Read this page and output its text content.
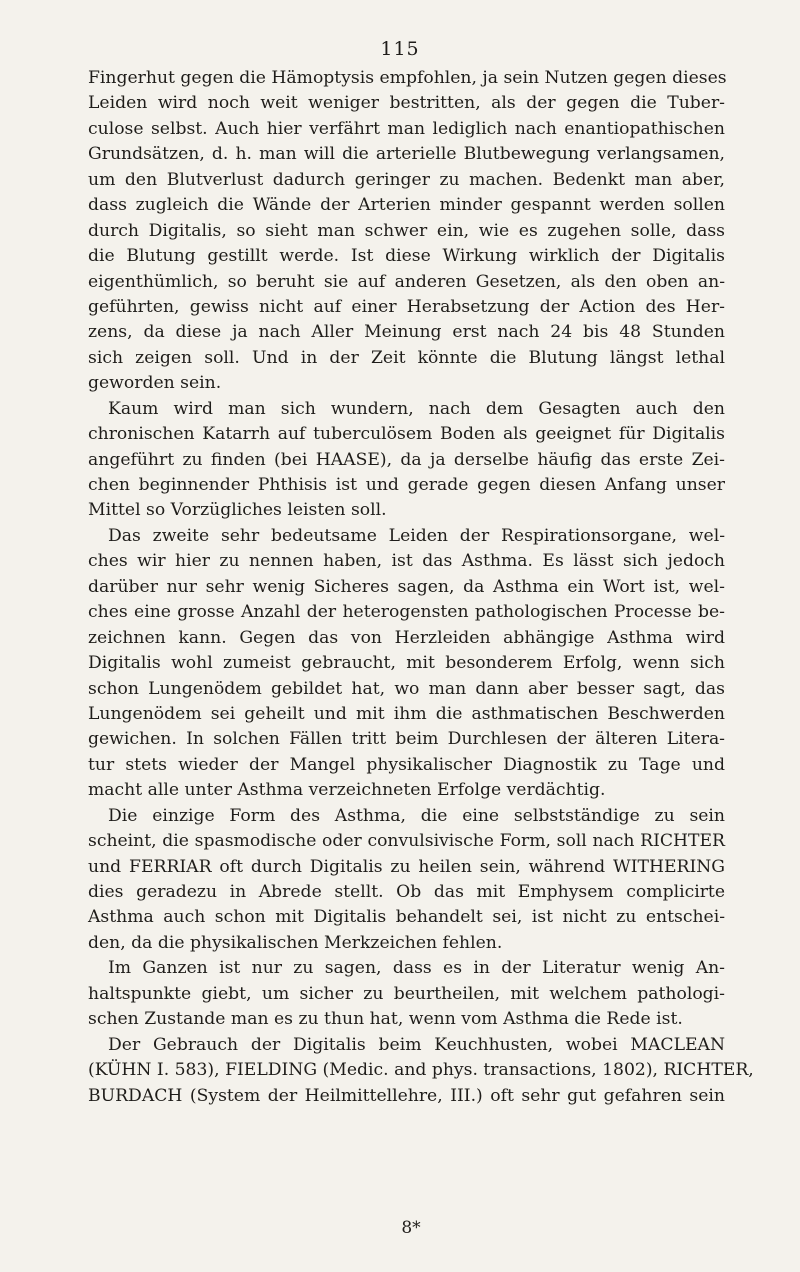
115
Fingerhut gegen die Hämoptysis empfohlen, ja sein Nutzen gegen dieses
Leiden wird noch weit weniger bestritten, als der gegen die Tuber-
culose selbst. Auch hier verfährt man lediglich nach enantiopathischen
Grundsätzen, d. h. man will die arterielle Blutbewegung verlangsamen,
um den Blutverlust dadurch geringer zu machen. Bedenkt man aber,
dass zugleich die Wände der Arterien minder gespannt werden sollen
durch Digitalis, so sieht man schwer ein, wie es zugehen solle, dass
die Blutung gestillt werde. Ist diese Wirkung wirklich der Digitalis
eigenthümlich, so beruht sie auf anderen Gesetzen, als den oben an-
geführten, gewiss nicht auf einer Herabsetzung der Action des Her-
zens, da diese ja nach Aller Meinung erst nach 24 bis 48 Stunden
sich zeigen soll. Und in der Zeit könnte die Blutung längst lethal
geworden sein.
Kaum wird man sich wundern, nach dem Gesagten auch den
chronischen Katarrh auf tuberculösem Boden als geeignet für Digitalis
angeführt zu finden (bei HAASE), da ja derselbe häufig das erste Zei-
chen beginnender Phthisis ist und gerade gegen diesen Anfang unser
Mittel so Vorzügliches leisten soll.
Das zweite sehr bedeutsame Leiden der Respirationsorgane, wel-
ches wir hier zu nennen haben, ist das Asthma. Es lässt sich jedoch
darüber nur sehr wenig Sicheres sagen, da Asthma ein Wort ist, wel-
ches eine grosse Anzahl der heterogensten pathologischen Processe be-
zeichnen kann. Gegen das von Herzleiden abhängige Asthma wird
Digitalis wohl zumeist gebraucht, mit besonderem Erfolg, wenn sich
schon Lungenödem gebildet hat, wo man dann aber besser sagt, das
Lungenödem sei geheilt und mit ihm die asthmatischen Beschwerden
gewichen. In solchen Fällen tritt beim Durchlesen der älteren Litera-
tur stets wieder der Mangel physikalischer Diagnostik zu Tage und
macht alle unter Asthma verzeichneten Erfolge verdächtig.
Die einzige Form des Asthma, die eine selbstständige zu sein
scheint, die spasmodische oder convulsivische Form, soll nach RICHTER
und FERRIAR oft durch Digitalis zu heilen sein, während WITHERING
dies geradezu in Abrede stellt. Ob das mit Emphysem complicirte
Asthma auch schon mit Digitalis behandelt sei, ist nicht zu entschei-
den, da die physikalischen Merkzeichen fehlen.
Im Ganzen ist nur zu sagen, dass es in der Literatur wenig An-
haltspunkte giebt, um sicher zu beurtheilen, mit welchem pathologi-
schen Zustande man es zu thun hat, wenn vom Asthma die Rede ist.
Der Gebrauch der Digitalis beim Keuchhusten, wobei MACLEAN
(KÜHN I. 583), FIELDING (Medic. and phys. transactions, 1802), RICHTER,
BURDACH (System der Heilmittellehre, III.) oft sehr gut gefahren sein
8*
